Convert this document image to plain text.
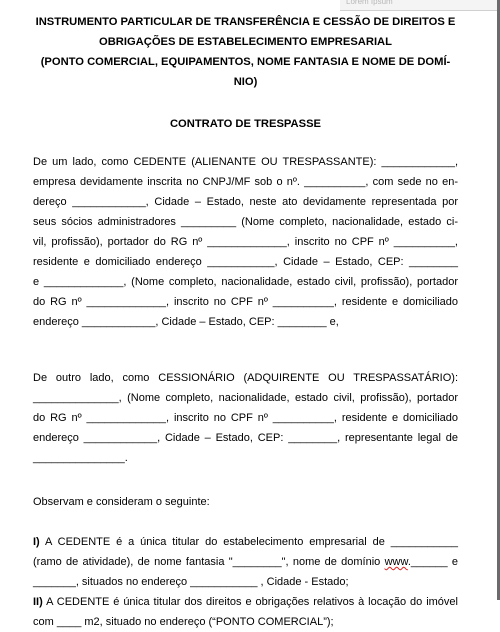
Lorem Ipsum
INSTRUMENTO PARTICULAR DE TRANSFERÊNCIA E CESSÃO DE DIREITOS E
OBRIGAÇÕES DE ESTABELECIMENTO EMPRESARIAL
(PONTO COMERCIAL, EQUIPAMENTOS, NOME FANTASIA E NOME DE DOMÍ-
NIO)
CONTRATO DE TRESPASSE
De um lado, como CEDENTE (ALIENANTE OU TRESPASSANTE): ____________,
empresa devidamente inscrita no CNPJ/MF sob o nº. __________, com sede no en-
dereço ____________, Cidade – Estado, neste ato devidamente representada por
seus sócios administradores _________ (Nome completo, nacionalidade, estado ci-
vil, profissão), portador do RG nº _____________, inscrito no CPF nº __________,
residente e domiciliado endereço ___________, Cidade – Estado, CEP: ________
e _____________, (Nome completo, nacionalidade, estado civil, profissão), portador
do RG nº _____________, inscrito no CPF nº __________, residente e domiciliado
endereço ____________, Cidade – Estado, CEP: ________ e,
De outro lado, como CESSIONÁRIO (ADQUIRENTE OU TRESPASSATÁRIO):
______________, (Nome completo, nacionalidade, estado civil, profissão), portador
do RG nº _____________, inscrito no CPF nº __________, residente e domiciliado
endereço ____________, Cidade – Estado, CEP: ________, representante legal de
_______________.
Observam e consideram o seguinte:
I) A CEDENTE é a única titular do estabelecimento empresarial de ___________
(ramo de atividade), de nome fantasia "________", nome de domínio www.______ e
_______, situados no endereço ___________ , Cidade - Estado;
II) A CEDENTE é única titular dos direitos e obrigações relativos à locação do imóvel
com ____ m2, situado no endereço (“PONTO COMERCIAL”);
